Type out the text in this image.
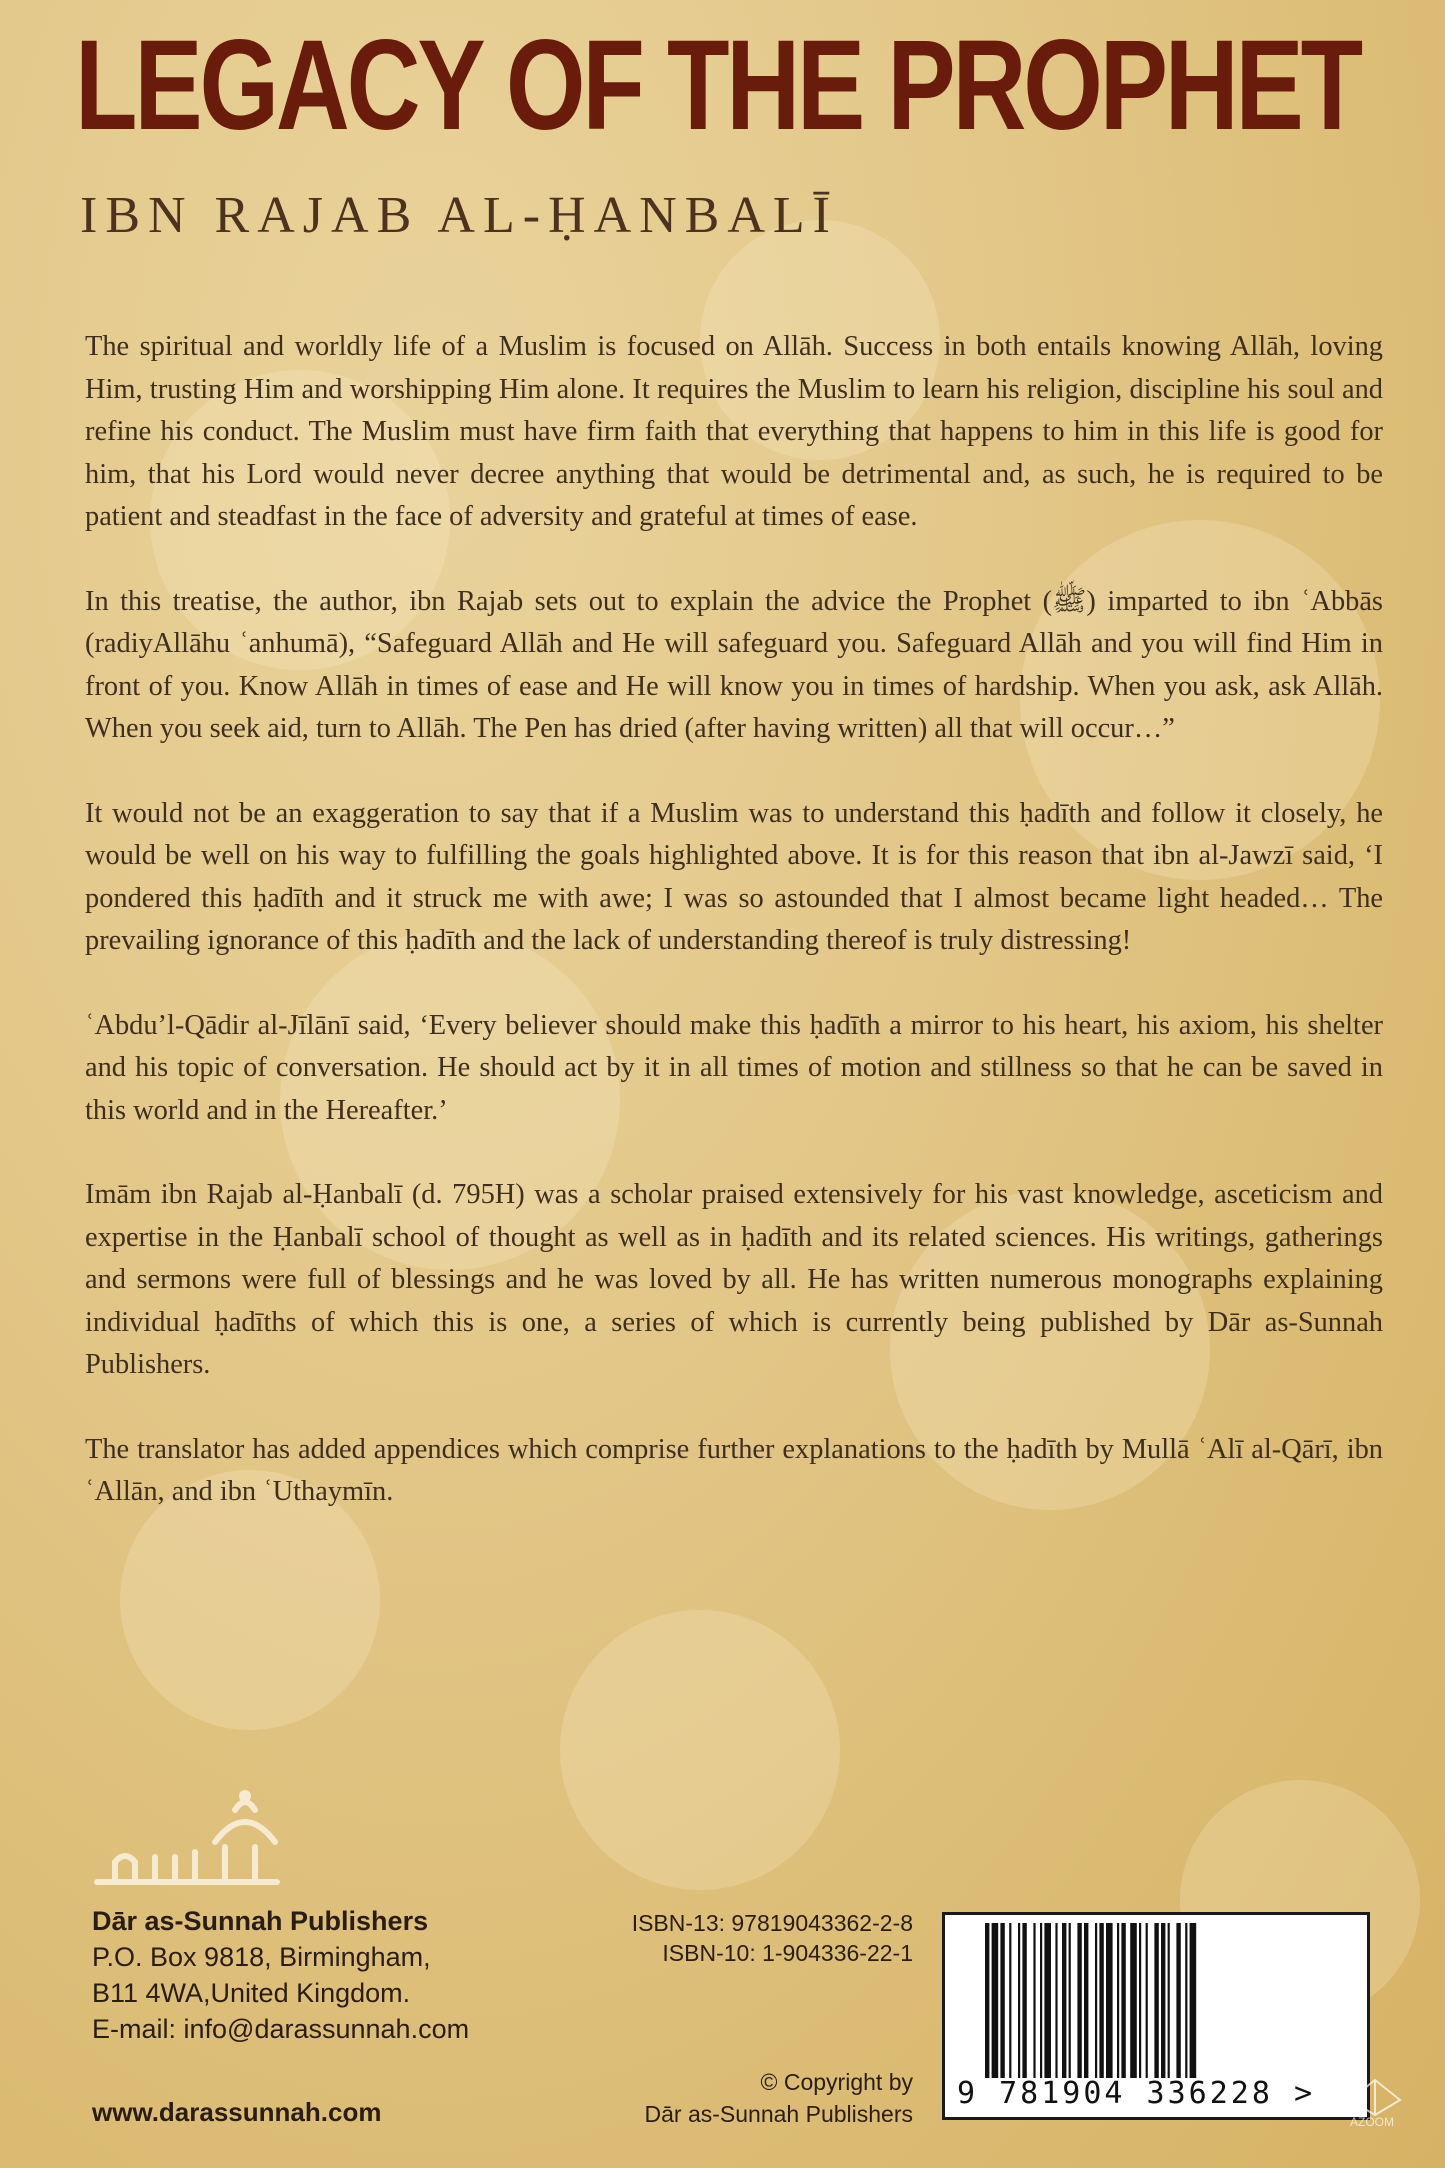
LEGACY OF THE PROPHET
IBN RAJAB AL-ḤANBALĪ

The spiritual and worldly life of a Muslim is focused on Allāh. Success in both entails knowing Allāh, loving Him, trusting Him and worshipping Him alone. It requires the Muslim to learn his religion, discipline his soul and refine his conduct. The Muslim must have firm faith that everything that happens to him in this life is good for him, that his Lord would never decree anything that would be detrimental and, as such, he is required to be patient and steadfast in the face of adversity and grateful at times of ease.

In this treatise, the author, ibn Rajab sets out to explain the advice the Prophet (ﷺ) imparted to ibn ʿAbbās (radiyAllāhu ʿanhumā), “Safeguard Allāh and He will safeguard you. Safeguard Allāh and you will find Him in front of you. Know Allāh in times of ease and He will know you in times of hardship. When you ask, ask Allāh. When you seek aid, turn to Allāh. The Pen has dried (after having written) all that will occur…”

It would not be an exaggeration to say that if a Muslim was to understand this ḥadīth and follow it closely, he would be well on his way to fulfilling the goals highlighted above. It is for this reason that ibn al-Jawzī said, ‘I pondered this ḥadīth and it struck me with awe; I was so astounded that I almost became light headed… The prevailing ignorance of this ḥadīth and the lack of understanding thereof is truly distressing!

ʿAbdu’l-Qādir al-Jīlānī said, ‘Every believer should make this ḥadīth a mirror to his heart, his axiom, his shelter and his topic of conversation. He should act by it in all times of motion and stillness so that he can be saved in this world and in the Hereafter.’

Imām ibn Rajab al-Ḥanbalī (d. 795H) was a scholar praised extensively for his vast knowledge, asceticism and expertise in the Ḥanbalī school of thought as well as in ḥadīth and its related sciences. His writings, gatherings and sermons were full of blessings and he was loved by all. He has written numerous monographs explaining individual ḥadīths of which this is one, a series of which is currently being published by Dār as-Sunnah Publishers.

The translator has added appendices which comprise further explanations to the ḥadīth by Mullā ʿAlī al-Qārī, ibn ʿAllān, and ibn ʿUthaymīn.

Dār as-Sunnah Publishers
P.O. Box 9818, Birmingham,
B11 4WA,United Kingdom.
E-mail: info@darassunnah.com
www.darassunnah.com
ISBN-13: 97819043362-2-8
ISBN-10: 1-904336-22-1
© Copyright by
Dār as-Sunnah Publishers
9 781904 336228 >
AZOOM
